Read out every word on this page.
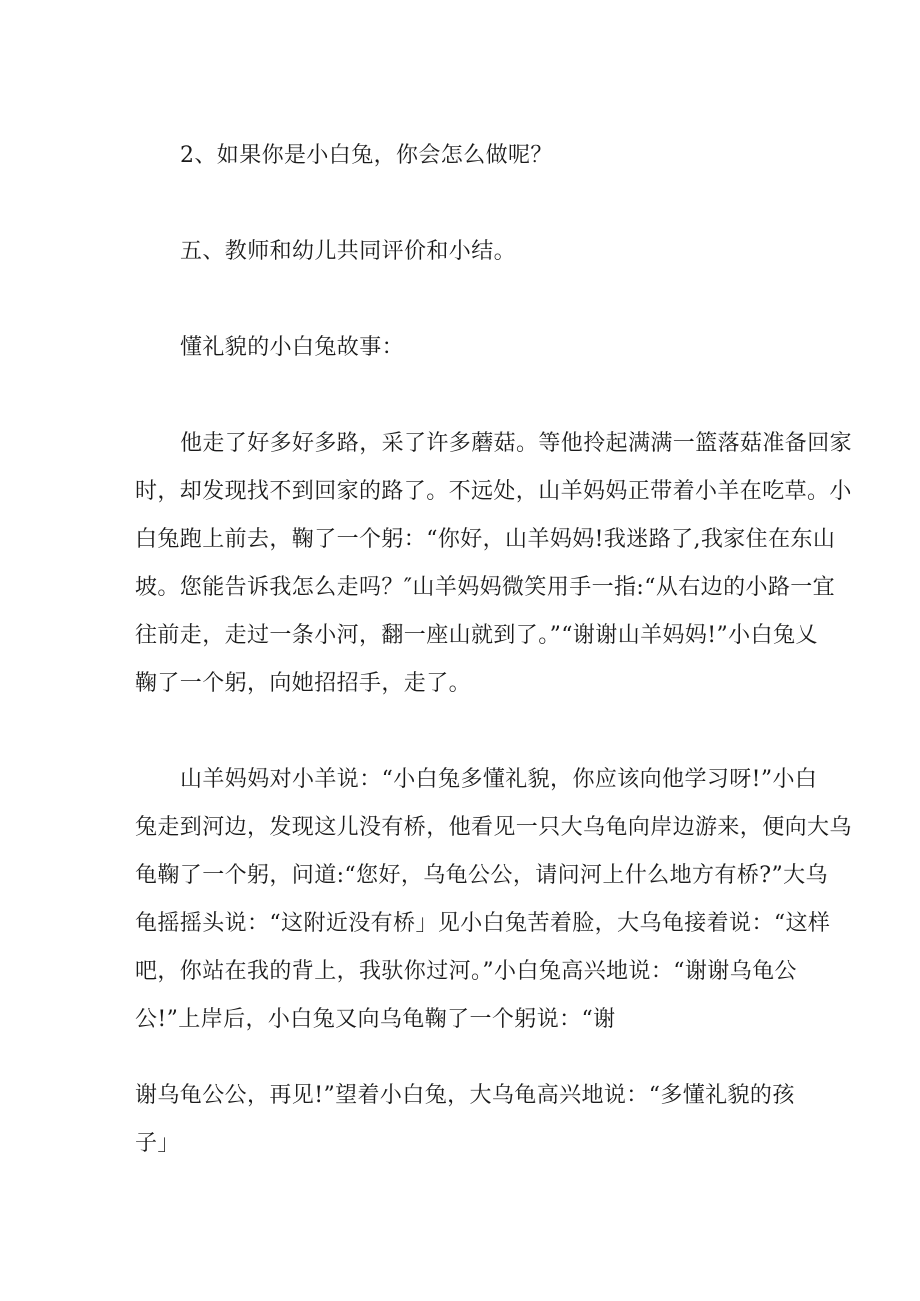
2、如果你是小白兔，你会怎么做呢？
五、教师和幼儿共同评价和小结。
懂礼貌的小白兔故事：
他走了好多好多路，采了许多蘑菇。等他拎起满满一篮落菇准备回家
时，却发现找不到回家的路了。不远处，山羊妈妈正带着小羊在吃草。小
白兔跑上前去，鞠了一个躬：“你好，山羊妈妈!我迷路了,我家住在东山
坡。您能告诉我怎么走吗？″山羊妈妈微笑用手一指:“从右边的小路一宜
往前走，走过一条小河，翻一座山就到了。”“谢谢山羊妈妈!”小白兔乂
鞠了一个躬，向她招招手，走了。
山羊妈妈对小羊说：“小白兔多懂礼貌，你应该向他学习呀!”小白
兔走到河边，发现这儿没有桥，他看见一只大乌龟向岸边游来，便向大乌
龟鞠了一个躬，问道:“您好，乌龟公公，请问河上什么地方有桥?”大乌
龟摇摇头说：“这附近没有桥」见小白兔苦着脸，大乌龟接着说：“这样
吧，你站在我的背上，我驮你过河。”小白兔高兴地说：“谢谢乌龟公
公!”上岸后，小白兔又向乌龟鞠了一个躬说：“谢
谢乌龟公公，再见!”望着小白兔，大乌龟高兴地说：“多懂礼貌的孩
子」
